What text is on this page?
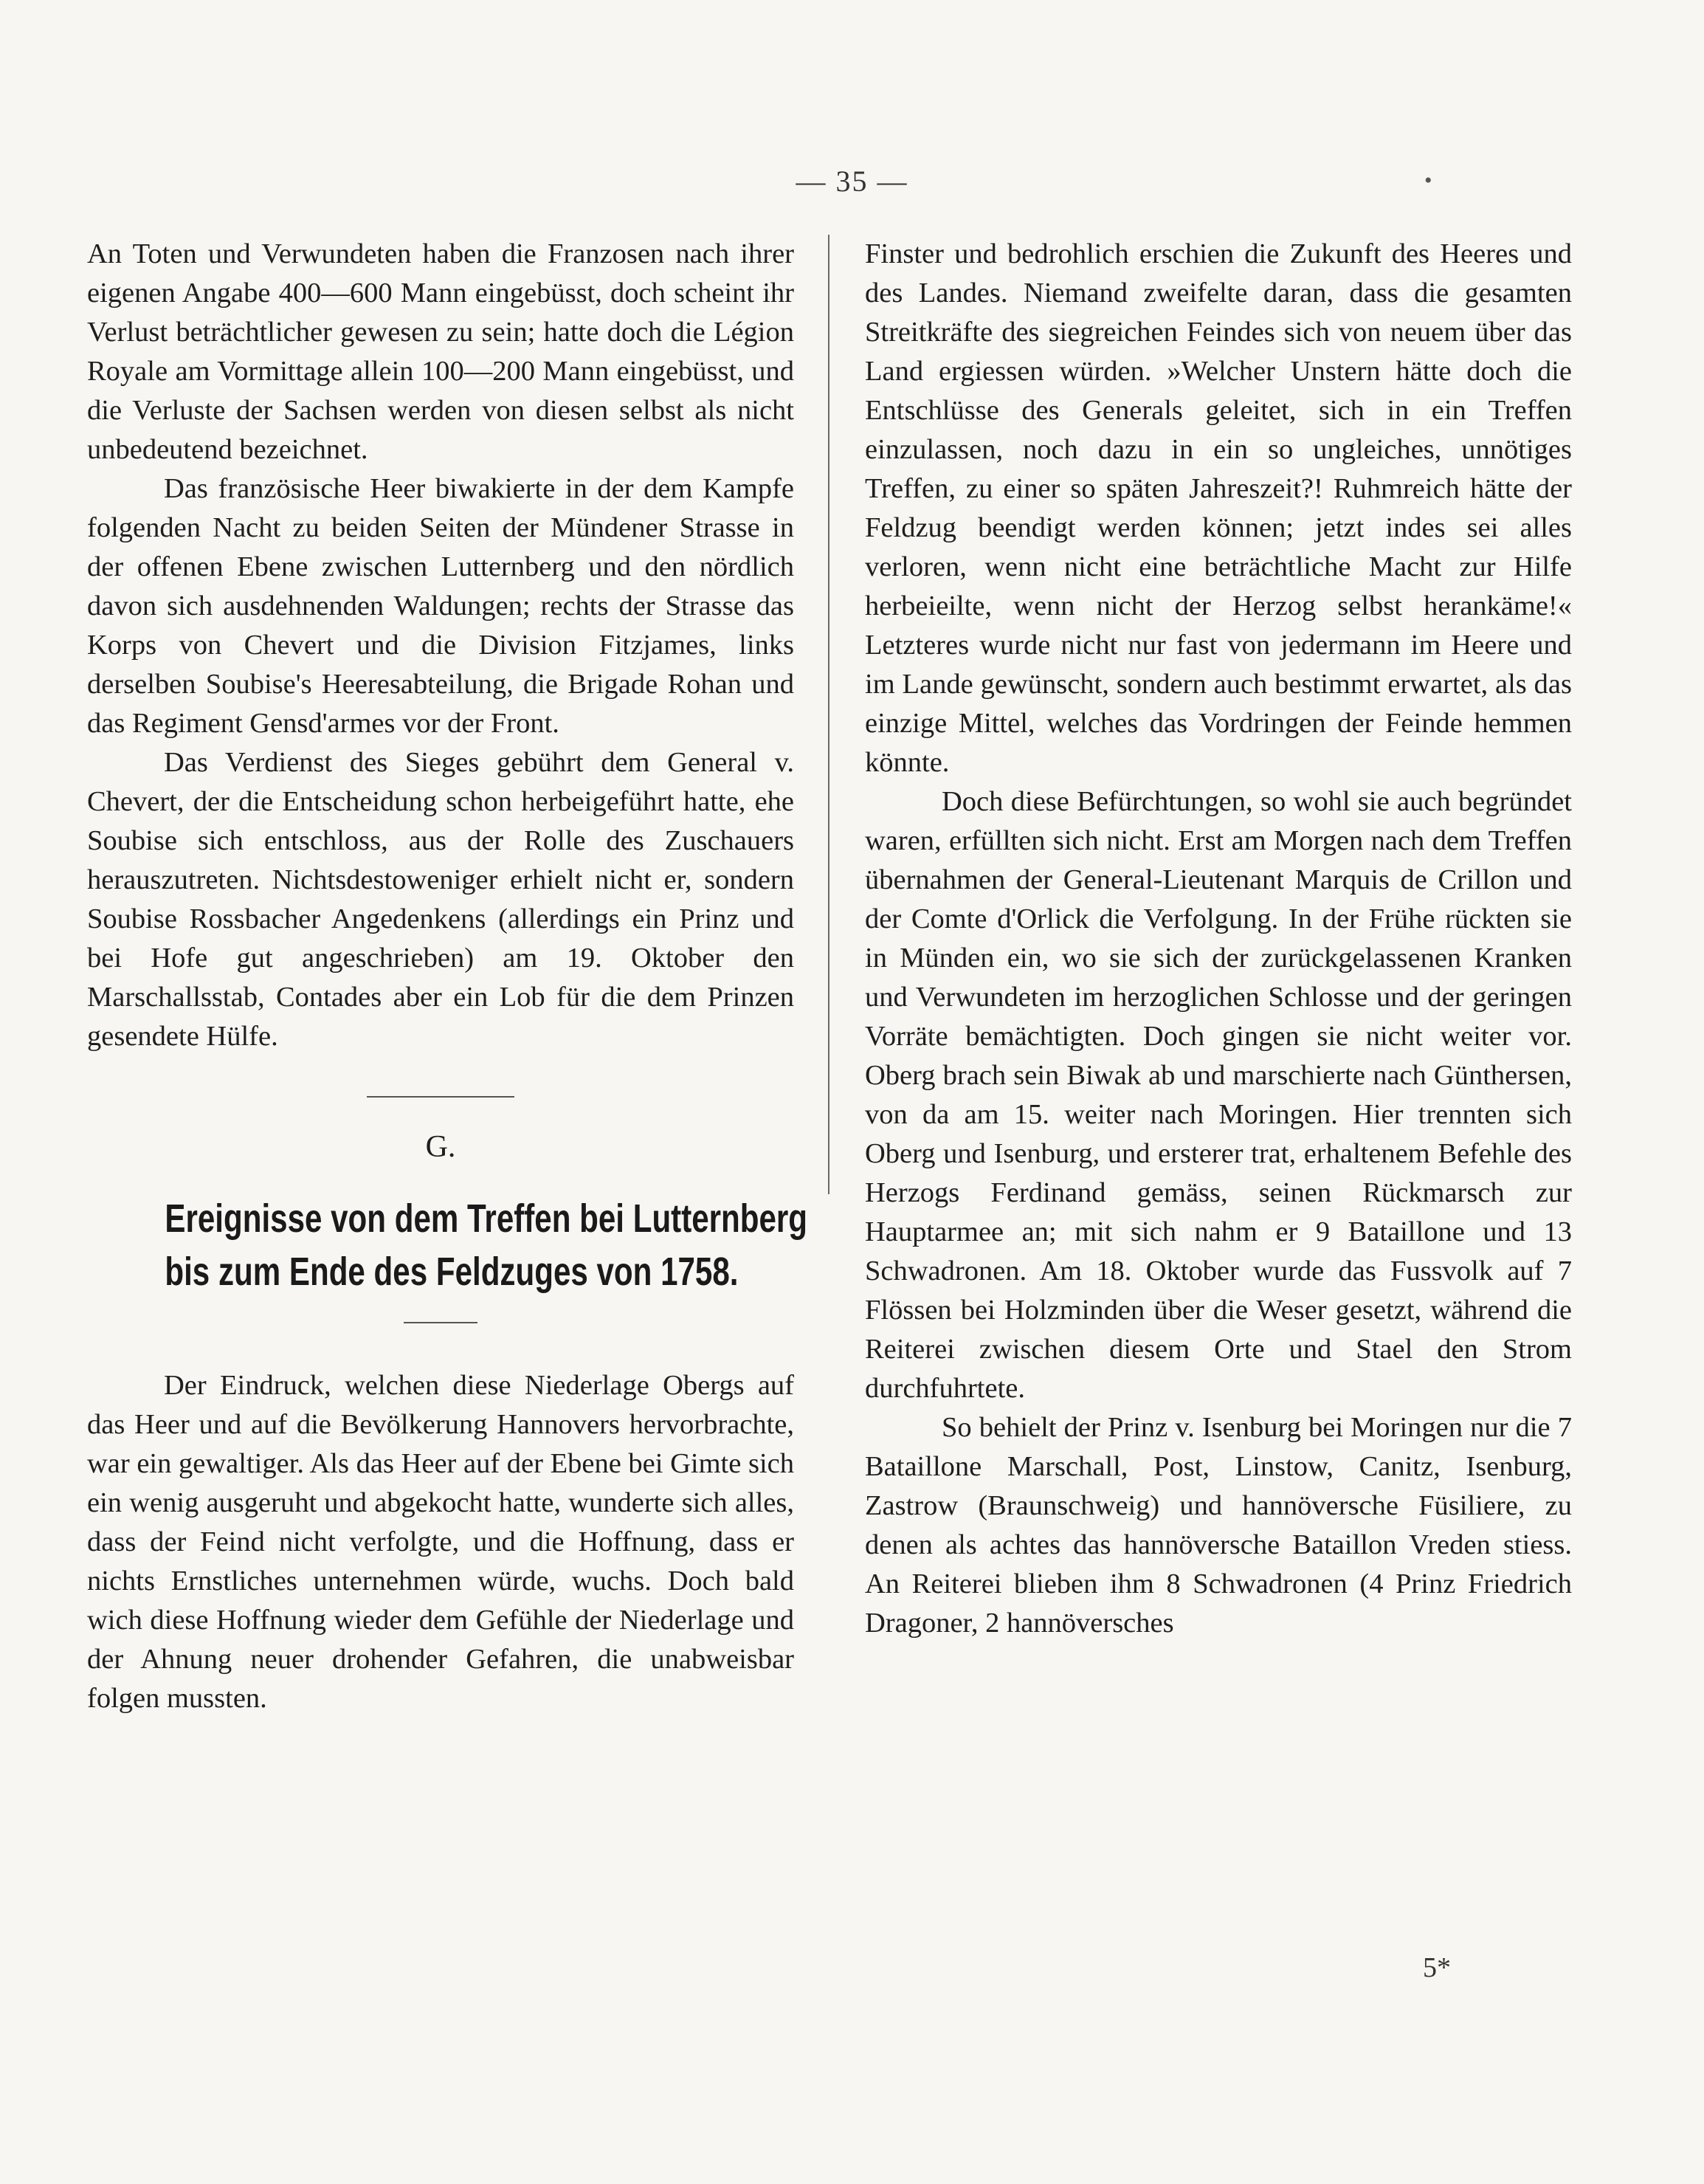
— 35 —	•

An Toten und Verwundeten haben die Franzosen nach ihrer eigenen Angabe 400—600 Mann eingebüsst, doch scheint ihr Verlust beträchtlicher gewesen zu sein; hatte doch die Légion Royale am Vormittage allein 100—200 Mann eingebüsst, und die Verluste der Sachsen werden von diesen selbst als nicht unbedeutend bezeichnet.

Das französische Heer biwakierte in der dem Kampfe folgenden Nacht zu beiden Seiten der Mündener Strasse in der offenen Ebene zwischen Lutternberg und den nördlich davon sich ausdehnenden Waldungen; rechts der Strasse das Korps von Chevert und die Division Fitzjames, links derselben Soubise's Heeresabteilung, die Brigade Rohan und das Regiment Gensd'armes vor der Front.

Das Verdienst des Sieges gebührt dem General v. Chevert, der die Entscheidung schon herbeigeführt hatte, ehe Soubise sich entschloss, aus der Rolle des Zuschauers herauszutreten. Nichtsdestoweniger erhielt nicht er, sondern Soubise Rossbacher Angedenkens (allerdings ein Prinz und bei Hofe gut angeschrieben) am 19. Oktober den Marschallsstab, Contades aber ein Lob für die dem Prinzen gesendete Hülfe.

G.
Ereignisse von dem Treffen bei Lutternberg
bis zum Ende des Feldzuges von 1758.

Der Eindruck, welchen diese Niederlage Obergs auf das Heer und auf die Bevölkerung Hannovers hervorbrachte, war ein gewaltiger. Als das Heer auf der Ebene bei Gimte sich ein wenig ausgeruht und abgekocht hatte, wunderte sich alles, dass der Feind nicht verfolgte, und die Hoffnung, dass er nichts Ernstliches unternehmen würde, wuchs. Doch bald wich diese Hoffnung wieder dem Gefühle der Niederlage und der Ahnung neuer drohender Gefahren, die unabweisbar folgen mussten.

Finster und bedrohlich erschien die Zukunft des Heeres und des Landes. Niemand zweifelte daran, dass die gesamten Streitkräfte des siegreichen Feindes sich von neuem über das Land ergiessen würden. »Welcher Unstern hätte doch die Entschlüsse des Generals geleitet, sich in ein Treffen einzulassen, noch dazu in ein so ungleiches, unnötiges Treffen, zu einer so späten Jahreszeit?! Ruhmreich hätte der Feldzug beendigt werden können; jetzt indes sei alles verloren, wenn nicht eine beträchtliche Macht zur Hilfe herbeieilte, wenn nicht der Herzog selbst herankäme!« Letzteres wurde nicht nur fast von jedermann im Heere und im Lande gewünscht, sondern auch bestimmt erwartet, als das einzige Mittel, welches das Vordringen der Feinde hemmen könnte.

Doch diese Befürchtungen, so wohl sie auch begründet waren, erfüllten sich nicht. Erst am Morgen nach dem Treffen übernahmen der General-Lieutenant Marquis de Crillon und der Comte d'Orlick die Verfolgung. In der Frühe rückten sie in Münden ein, wo sie sich der zurückgelassenen Kranken und Verwundeten im herzoglichen Schlosse und der geringen Vorräte bemächtigten. Doch gingen sie nicht weiter vor. Oberg brach sein Biwak ab und marschierte nach Günthersen, von da am 15. weiter nach Moringen. Hier trennten sich Oberg und Isenburg, und ersterer trat, erhaltenem Befehle des Herzogs Ferdinand gemäss, seinen Rückmarsch zur Hauptarmee an; mit sich nahm er 9 Bataillone und 13 Schwadronen. Am 18. Oktober wurde das Fussvolk auf 7 Flössen bei Holzminden über die Weser gesetzt, während die Reiterei zwischen diesem Orte und Stael den Strom durchfuhrtete.

So behielt der Prinz v. Isenburg bei Moringen nur die 7 Bataillone Marschall, Post, Linstow, Canitz, Isenburg, Zastrow (Braunschweig) und hannöversche Füsiliere, zu denen als achtes das hannöversche Bataillon Vreden stiess. An Reiterei blieben ihm 8 Schwadronen (4 Prinz Friedrich Dragoner, 2 hannöversches

5*
